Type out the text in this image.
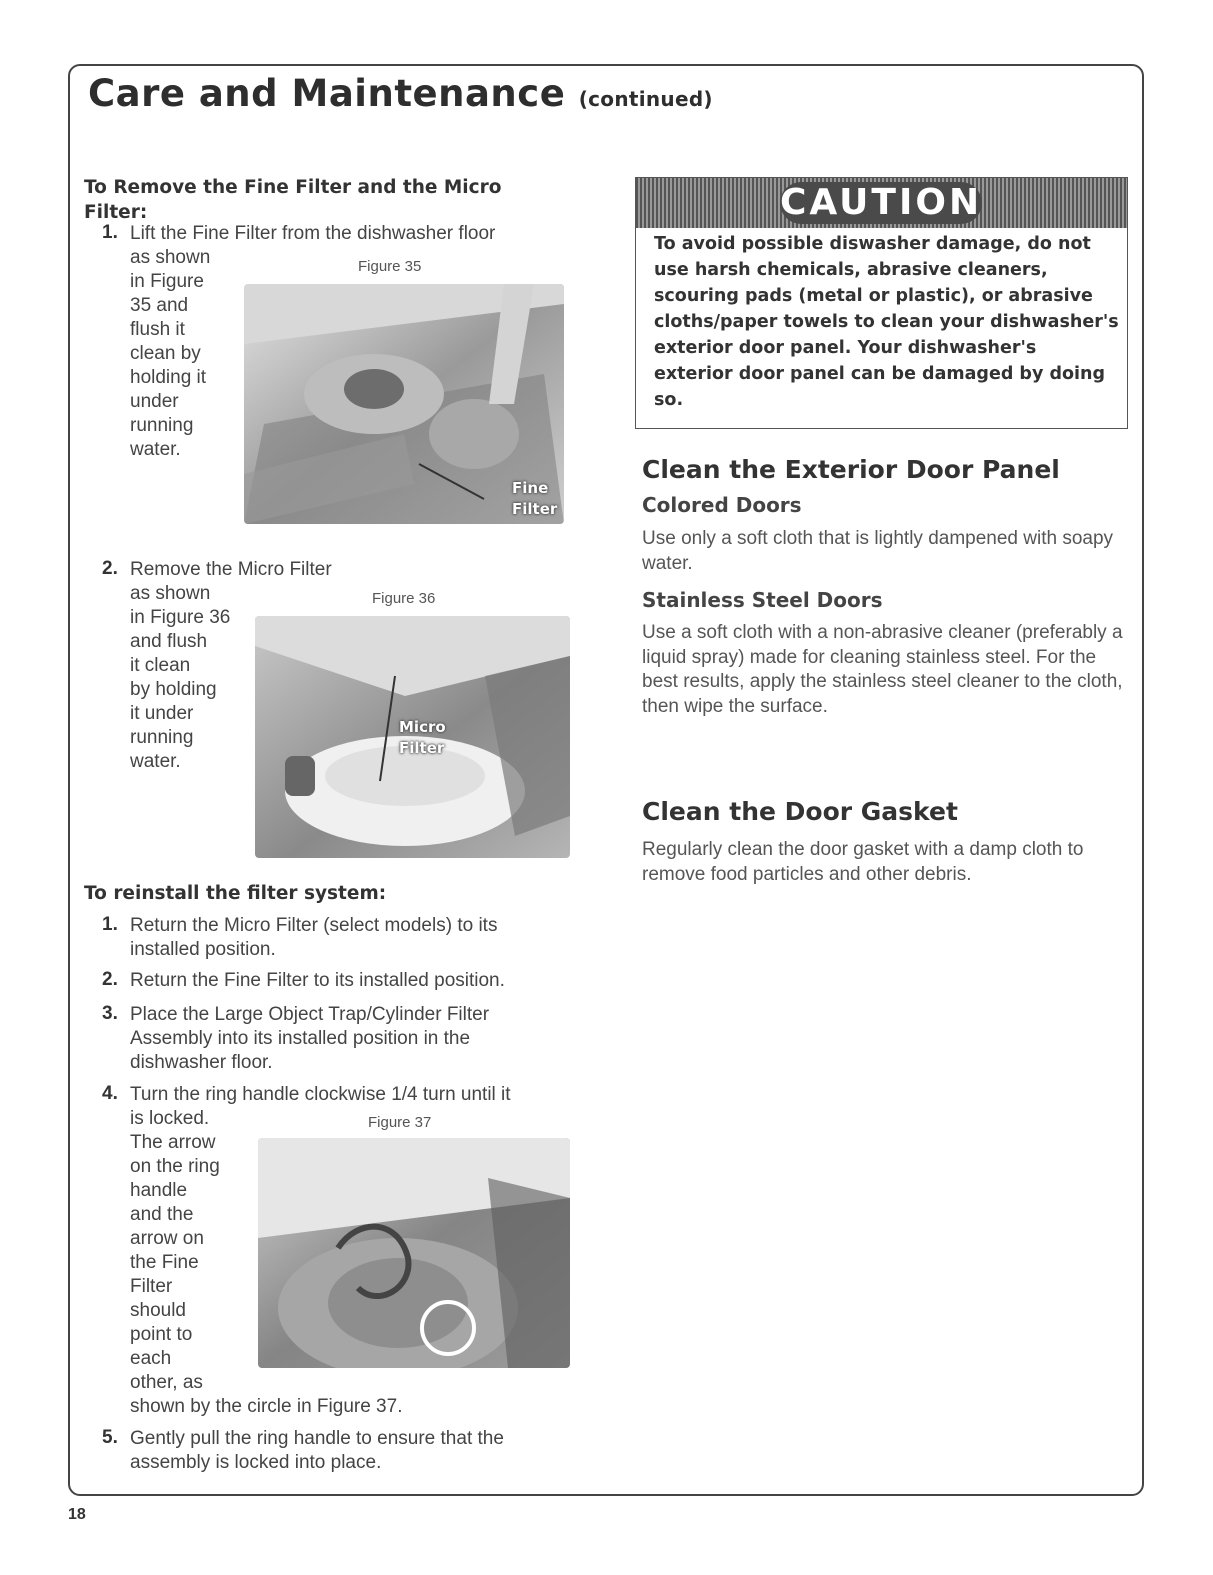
Care and Maintenance (continued)

To Remove the Fine Filter and the Micro
Filter:

1. Lift the Fine Filter from the dishwasher floor
as shown
in Figure
35 and
flush it
clean by
holding it
under
running
water.
Figure 35
Fine
Filter
2. Remove the Micro Filter
as shown
in Figure 36
and flush
it clean
by holding
it under
running
water.
Figure 36
Micro
Filter

To reinstall the filter system:

1. Return the Micro Filter (select models) to its
installed position.
2. Return the Fine Filter to its installed position.
3. Place the Large Object Trap/Cylinder Filter
Assembly into its installed position in the
dishwasher floor.
4. Turn the ring handle clockwise 1/4 turn until it
is locked.
The arrow
on the ring
handle
and the
arrow on
the Fine
Filter
should
point to
each
other, as
shown by the circle in Figure 37.
Figure 37
5. Gently pull the ring handle to ensure that the
assembly is locked into place.
CAUTION

To avoid possible diswasher damage, do not use harsh chemicals, abrasive cleaners, scouring pads (metal or plastic), or abrasive cloths/paper towels to clean your dishwasher's exterior door panel. Your dishwasher's exterior door panel can be damaged by doing so.

Clean the Exterior Door Panel
Colored Doors

Use only a soft cloth that is lightly dampened with soapy water.

Stainless Steel Doors

Use a soft cloth with a non-abrasive cleaner (preferably a liquid spray) made for cleaning stainless steel. For the best results, apply the stainless steel cleaner to the cloth, then wipe the surface.

Clean the Door Gasket

Regularly clean the door gasket with a damp cloth to remove food particles and other debris.

18
